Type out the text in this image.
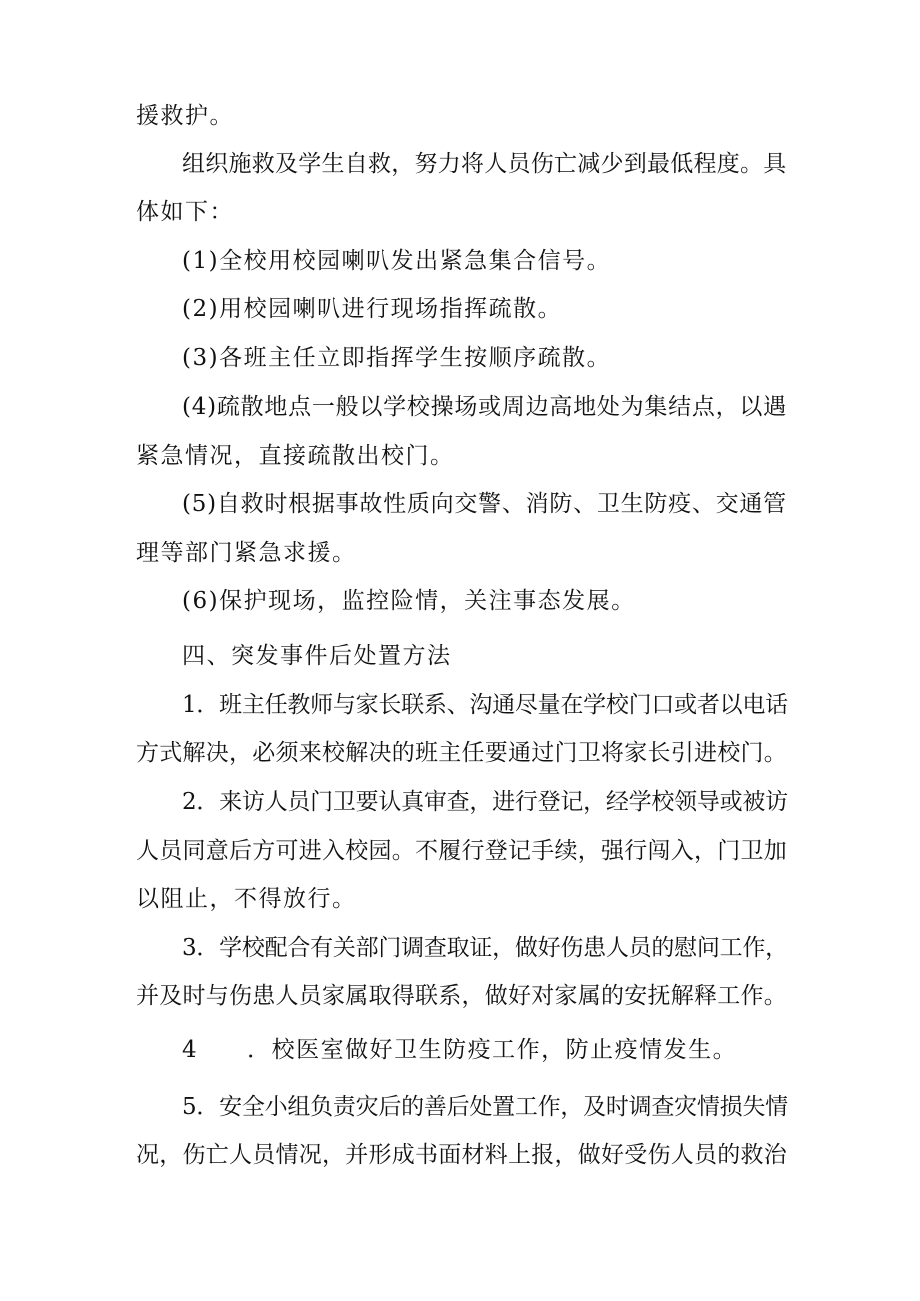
援救护。
组织施救及学生自救，努力将人员伤亡减少到最低程度。具
体如下：
(1)全校用校园喇叭发出紧急集合信号。
(2)用校园喇叭进行现场指挥疏散。
(3)各班主任立即指挥学生按顺序疏散。
(4)疏散地点一般以学校操场或周边高地处为集结点，以遇
紧急情况，直接疏散出校门。
(5)自救时根据事故性质向交警、消防、卫生防疫、交通管
理等部门紧急求援。
(6)保护现场，监控险情，关注事态发展。
四、突发事件后处置方法
1．班主任教师与家长联系、沟通尽量在学校门口或者以电话
方式解决，必须来校解决的班主任要通过门卫将家长引进校门。
2．来访人员门卫要认真审查，进行登记，经学校领导或被访
人员同意后方可进入校园。不履行登记手续，强行闯入，门卫加
以阻止，不得放行。
3．学校配合有关部门调查取证，做好伤患人员的慰问工作，
并及时与伤患人员家属取得联系，做好对家属的安抚解释工作。
4　　．校医室做好卫生防疫工作，防止疫情发生。
5．安全小组负责灾后的善后处置工作，及时调查灾情损失情
况，伤亡人员情况，并形成书面材料上报，做好受伤人员的救治
